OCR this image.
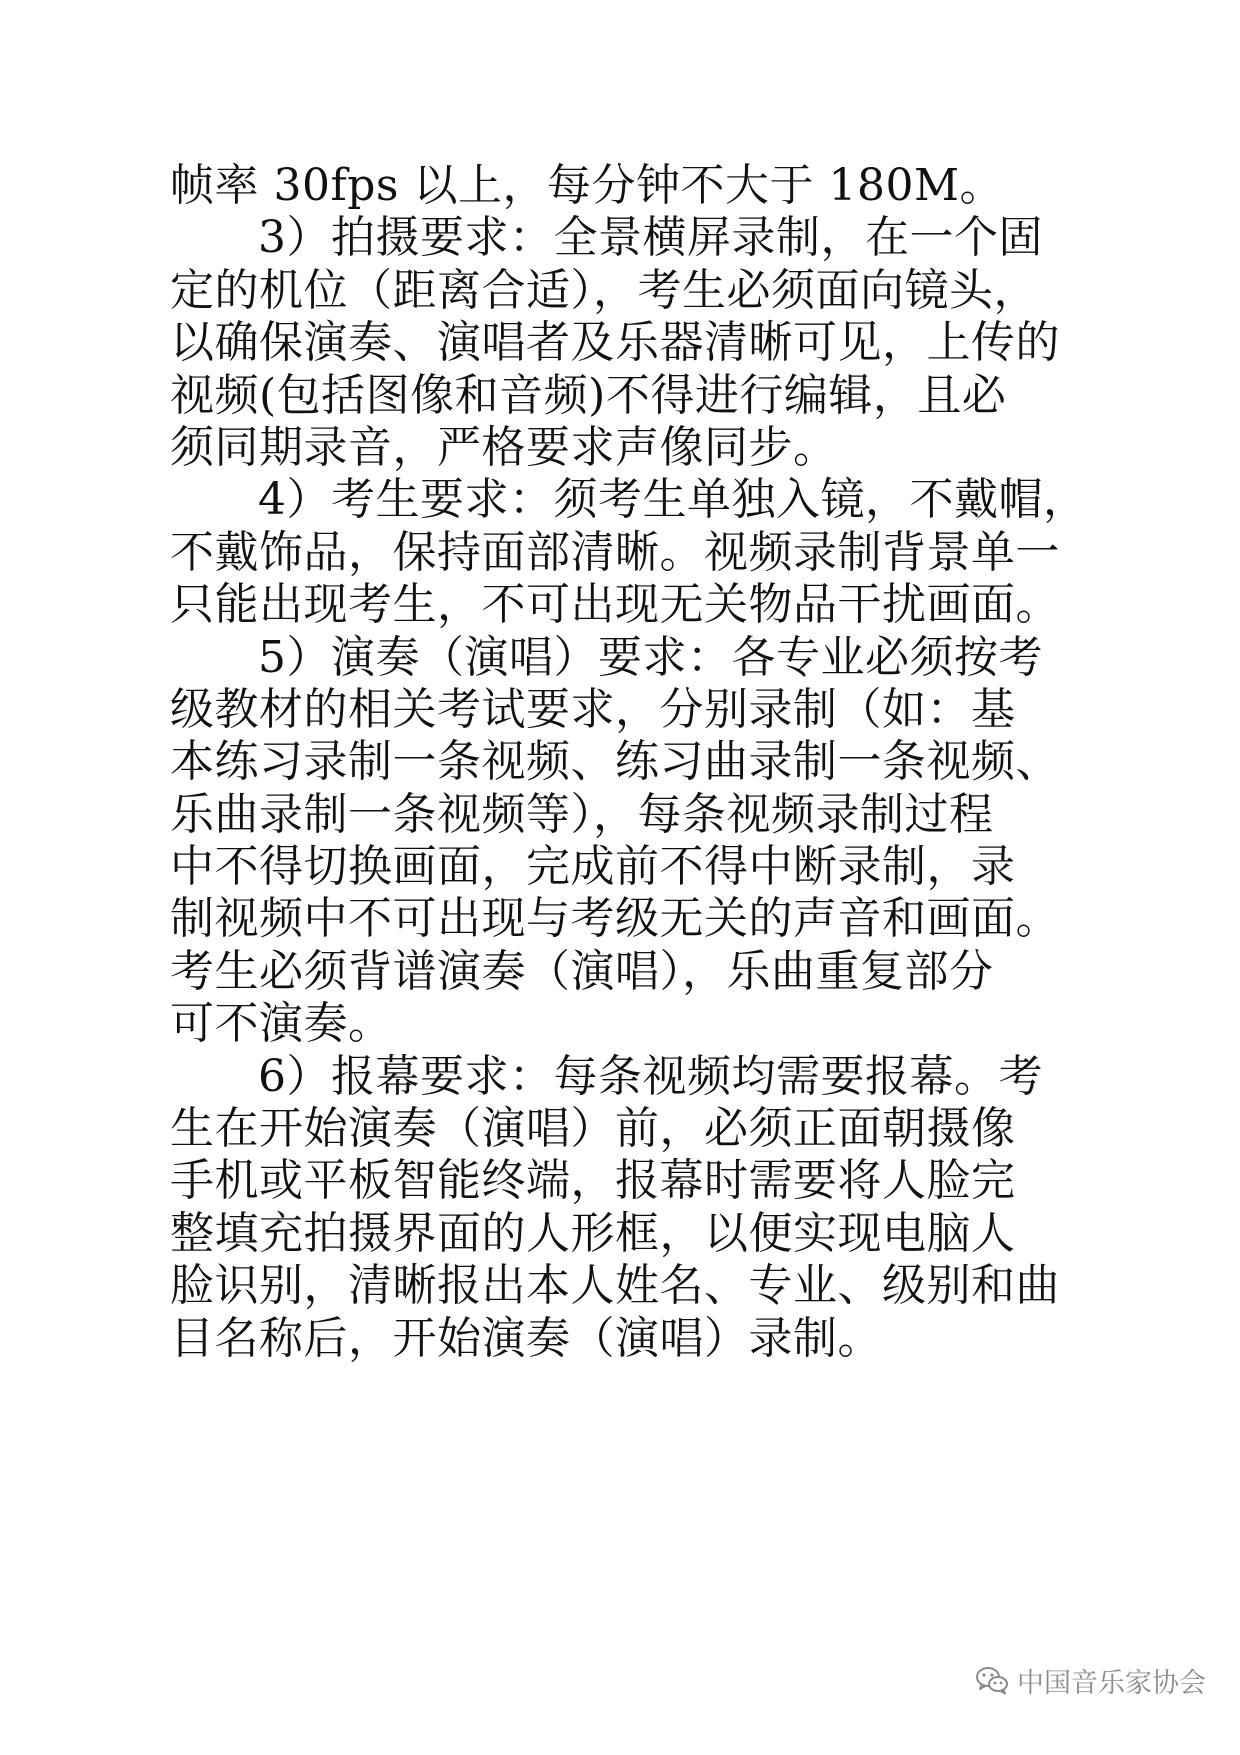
帧率 30fps 以上，每分钟不大于 180M。
3）拍摄要求：全景横屏录制，在一个固
定的机位（距离合适），考生必须面向镜头，
以确保演奏、演唱者及乐器清晰可见，上传的
视频(包括图像和音频)不得进行编辑，且必
须同期录音，严格要求声像同步。
4）考生要求：须考生单独入镜，不戴帽，
不戴饰品，保持面部清晰。视频录制背景单一
只能出现考生，不可出现无关物品干扰画面。
5）演奏（演唱）要求：各专业必须按考
级教材的相关考试要求，分别录制（如：基
本练习录制一条视频、练习曲录制一条视频、
乐曲录制一条视频等），每条视频录制过程
中不得切换画面，完成前不得中断录制，录
制视频中不可出现与考级无关的声音和画面。
考生必须背谱演奏（演唱），乐曲重复部分
可不演奏。
6）报幕要求：每条视频均需要报幕。考
生在开始演奏（演唱）前，必须正面朝摄像
手机或平板智能终端，报幕时需要将人脸完
整填充拍摄界面的人形框，以便实现电脑人
脸识别，清晰报出本人姓名、专业、级别和曲
目名称后，开始演奏（演唱）录制。
中国音乐家协会
